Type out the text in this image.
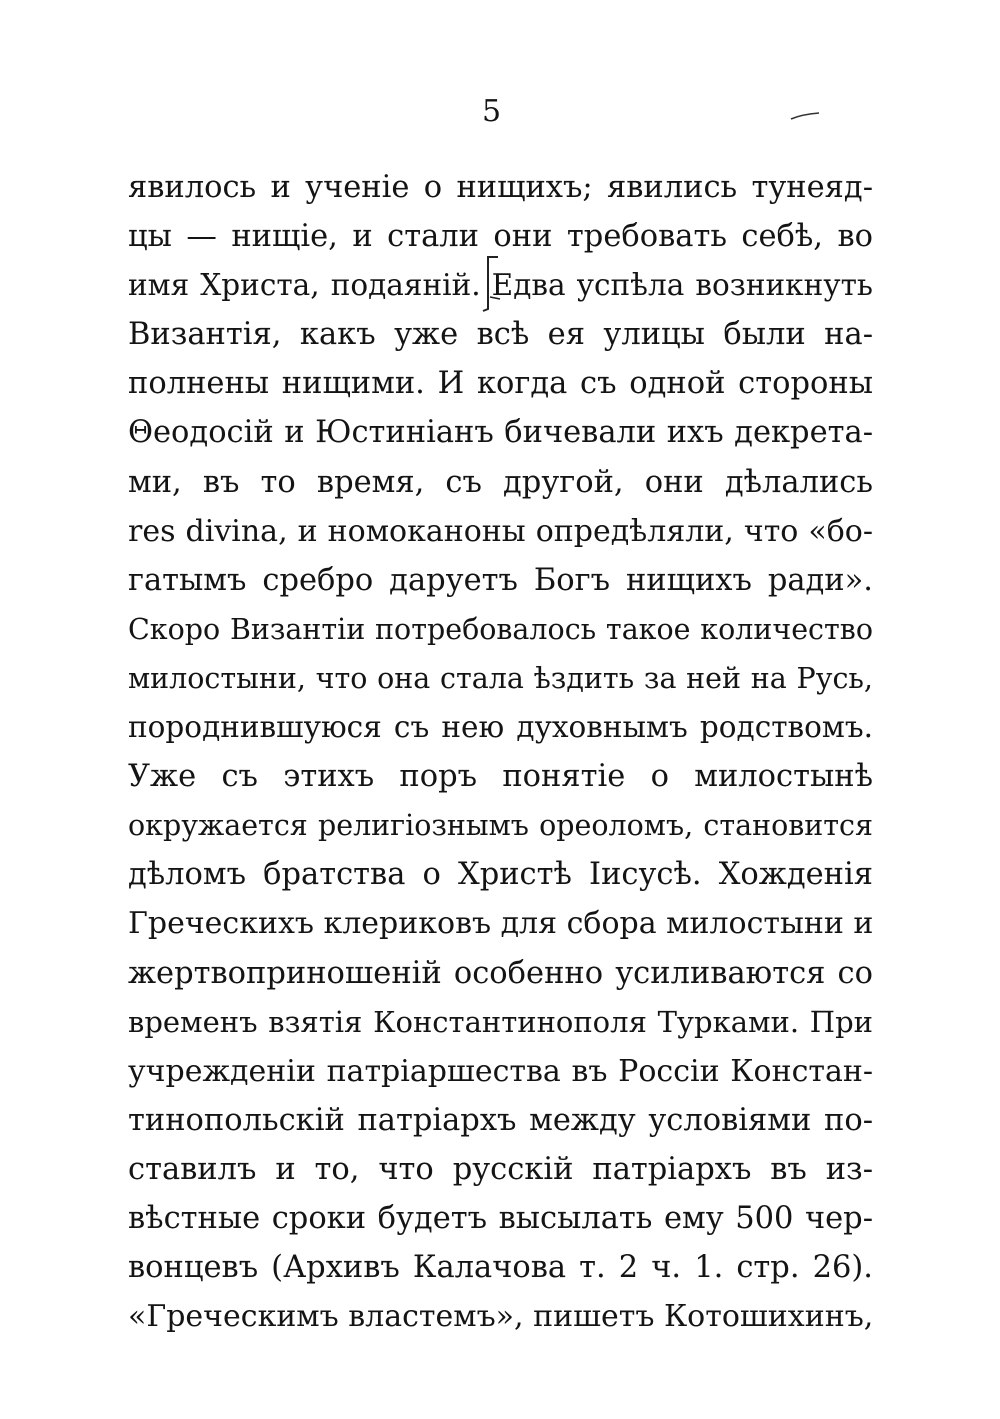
5
явилось и ученіе о нищихъ; явились тунеяд-
цы — нищіе, и стали они требовать себѣ, во
имя Христа, подаяній. Едва успѣла возникнуть
Византія, какъ уже всѣ ея улицы были на-
полнены нищими. И когда съ одной стороны
Θеодосій и Юстиніанъ бичевали ихъ декрета-
ми, въ то время, съ другой, они дѣлались
res divina, и номоканоны опредѣляли, что «бо-
гатымъ сребро даруетъ Богъ нищихъ ради».
Скоро Византіи потребовалось такое количество
милостыни, что она стала ѣздить за ней на Русь,
породнившуюся съ нею духовнымъ родствомъ.
Уже съ этихъ поръ понятіе о милостынѣ
окружается религіознымъ ореоломъ, становится
дѣломъ братства о Христѣ Іисусѣ. Хожденія
Греческихъ клериковъ для сбора милостыни и
жертвоприношеній особенно усиливаются со
временъ взятія Константинополя Турками. При
учрежденіи патріаршества въ Россіи Констан-
тинопольскій патріархъ между условіями по-
ставилъ и то, что русскій патріархъ въ из-
вѣстные сроки будетъ высылать ему 500 чер-
вонцевъ (Архивъ Калачова т. 2 ч. 1. стр. 26).
«Греческимъ властемъ», пишетъ Котошихинъ,
